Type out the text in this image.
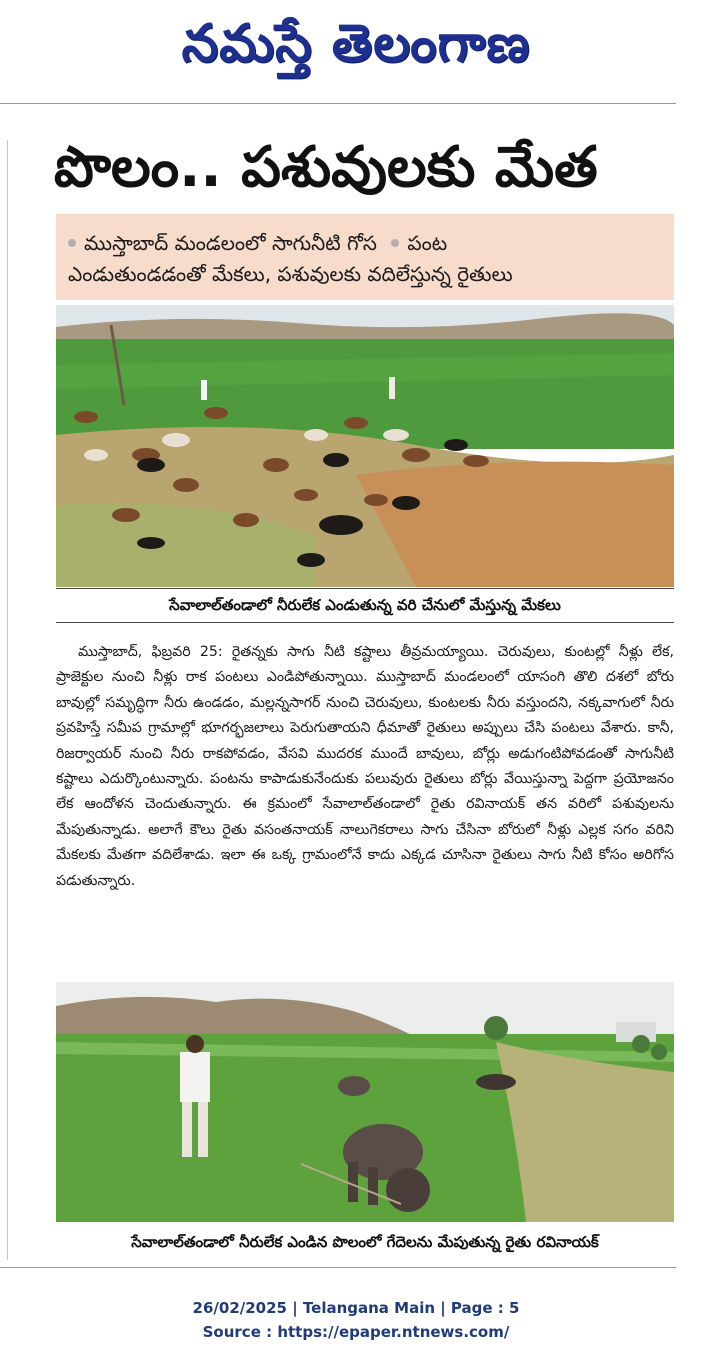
నమస్తే తెలంగాణ
పొలం.. పశువులకు మేత
ముస్తాబాద్ మండలంలో సాగునీటి గోస పంట
ఎండుతుండడంతో మేకలు, పశువులకు వదిలేస్తున్న రైతులు
సేవాలాల్‌తండాలో నీరులేక ఎండుతున్న వరి చేనులో మేస్తున్న మేకలు

ముస్తాబాద్, ఫిబ్రవరి 25: రైతన్నకు సాగు నీటి కష్టాలు తీవ్రమయ్యాయి. చెరువులు, కుంటల్లో నీళ్లు లేక, ప్రాజెక్టుల నుంచి నీళ్లు రాక పంటలు ఎండిపోతున్నాయి. ముస్తాబాద్ మండలంలో యాసంగి తొలి దశలో బోరు బావుల్లో సమృద్ధిగా నీరు ఉండడం, మల్లన్నసాగర్ నుంచి చెరువులు, కుంటలకు నీరు వస్తుందని, నక్కవాగులో నీరు ప్రవహిస్తే సమీప గ్రామాల్లో భూగర్భజలాలు పెరుగుతాయని ధీమాతో రైతులు అప్పులు చేసి పంటలు వేశారు. కానీ, రిజర్వాయర్ నుంచి నీరు రాకపోవడం, వేసవి ముదరక ముందే బావులు, బోర్లు అడుగంటిపోవడంతో సాగునీటి కష్టాలు ఎదుర్కొంటున్నారు. పంటను కాపాడుకునేందుకు పలువురు రైతులు బోర్లు వేయిస్తున్నా పెద్దగా ప్రయోజనం లేక ఆందోళన చెందుతున్నారు. ఈ క్రమంలో సేవాలాల్‌తండాలో రైతు రవినాయక్ తన వరిలో పశువులను మేపుతున్నాడు. అలాగే కౌలు రైతు వసంతనాయక్ నాలుగెకరాలు సాగు చేసినా బోరులో నీళ్లు ఎల్లక సగం వరిని మేకలకు మేతగా వదిలేశాడు. ఇలా ఈ ఒక్క గ్రామంలోనే కాదు ఎక్కడ చూసినా రైతులు సాగు నీటి కోసం అరిగోస పడుతున్నారు.

సేవాలాల్‌తండాలో నీరులేక ఎండిన పొలంలో గేదెలను మేపుతున్న రైతు రవినాయక్
26/02/2025 | Telangana Main | Page : 5
Source : https://epaper.ntnews.com/
